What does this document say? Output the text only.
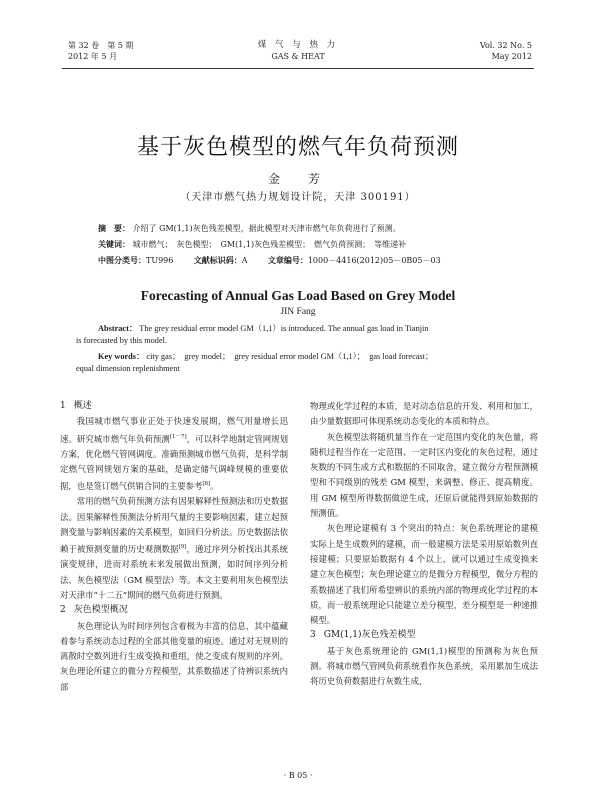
第 32 卷　第 5 期
2012 年 5 月
煤 气 与 热 力
GAS & HEAT
Vol. 32 No. 5
May 2012
基于灰色模型的燃气年负荷预测
金　芳
（天津市燃气热力规划设计院，天津 300191）
摘　要： 介绍了 GM(1,1)灰色残差模型，据此模型对天津市燃气年负荷进行了预测。
关键词： 城市燃气；　灰色模型；　GM(1,1)灰色残差模型；　燃气负荷预测；　等维递补
中图分类号：TU996	文献标识码：A	文章编号：1000－4416(2012)05－0B05－03
Forecasting of Annual Gas Load Based on Grey Model
JIN Fang
Abstract： The grey residual error model GM（1,1）is introduced. The annual gas load in Tianjin
is forecasted by this model.
Key words： city gas；　grey model；　grey residual error model GM（1,1）；　gas load forecast；
equal dimension replenishment

1 概述

我国城市燃气事业正处于快速发展期，燃气用量增长迅速。研究城市燃气年负荷预测[1－7]，可以科学地制定管网规划方案，优化燃气管网调度。准确预测城市燃气负荷，是科学制定燃气管网规划方案的基础，是确定储气调峰规模的重要依据，也是签订燃气供销合同的主要参考[8]。

常用的燃气负荷预测方法有因果解释性预测法和历史数据法。因果解释性预测法分析用气量的主要影响因素，建立起预测变量与影响因素的关系模型，如回归分析法。历史数据法依赖于被预测变量的历史观测数据[9]，通过序列分析找出其系统演变规律，进而对系统未来发展做出预测，如时间序列分析法、灰色模型法（GM 模型法）等。本文主要利用灰色模型法对天津市“十二五”期间的燃气负荷进行预测。

2 灰色模型概况

灰色理论认为时间序列包含着极为丰富的信息，其中蕴藏着参与系统动态过程的全部其他变量的痕迹。通过对无规则的离散时空数列进行生成变换和重组，使之变成有规则的序列。灰色理论所建立的微分方程模型，其系数描述了待辨识系统内部

物理或化学过程的本质，是对动态信息的开发、利用和加工，由少量数据即可体现系统动态变化的本质和特点。

灰色模型法将随机量当作在一定范围内变化的灰色量，将随机过程当作在一定范围、一定时区内变化的灰色过程，通过灰数的不同生成方式和数据的不同取舍，建立微分方程预测模型和不同级别的残差 GM 模型，来调整、修正、提高精度。用 GM 模型所得数据做逆生成，还原后就能得到原始数据的预测值。

灰色理论建模有 3 个突出的特点：灰色系统理论的建模实际上是生成数列的建模，而一般建模方法是采用原始数列直接建模；只要原始数据有 4 个以上，就可以通过生成变换来建立灰色模型；灰色理论建立的是微分方程模型，微分方程的系数描述了我们所希望辨识的系统内部的物理或化学过程的本质，而一般系统理论只能建立差分模型，差分模型是一种递推模型。

3 GM(1,1)灰色残差模型

基于灰色系统理论的 GM(1,1)模型的预测称为灰色预测。将城市燃气管网负荷系统看作灰色系统，采用累加生成法将历史负荷数据进行灰数生成，

· B 05 ·
